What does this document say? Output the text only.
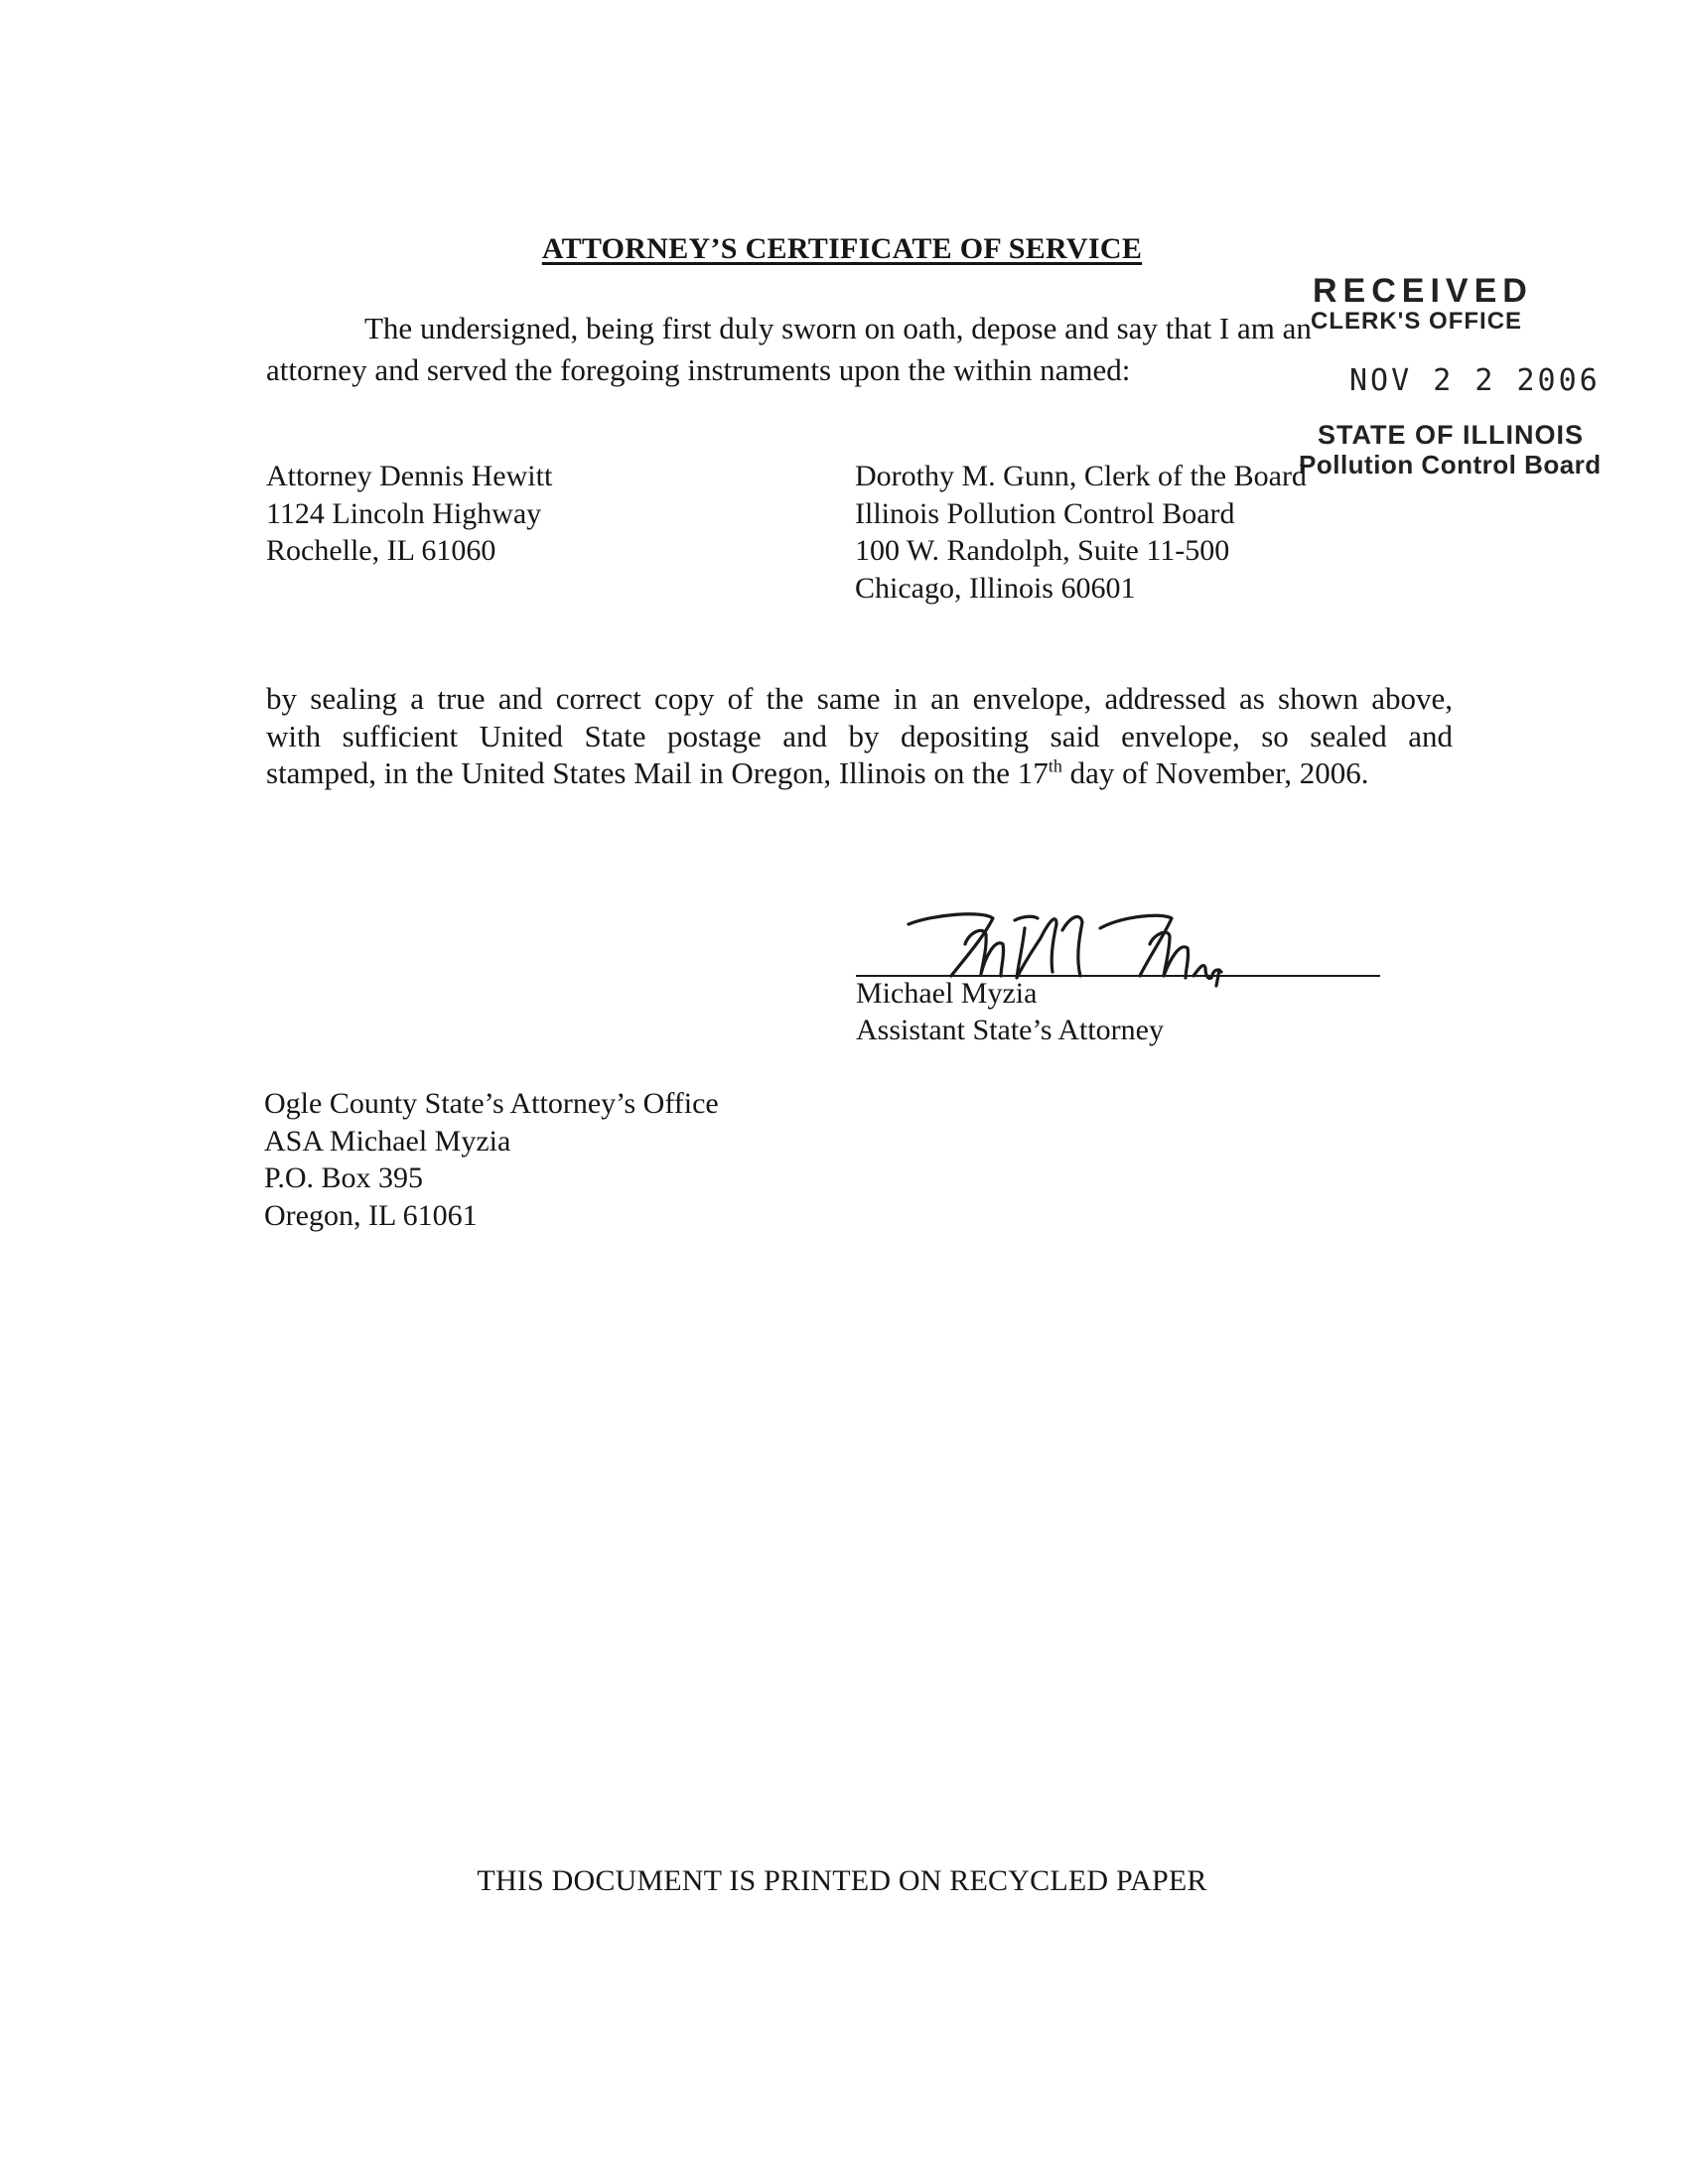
ATTORNEY’S CERTIFICATE OF SERVICE
The undersigned, being first duly sworn on oath, depose and say that I am an
attorney and served the foregoing instruments upon the within named:
RECEIVED
CLERK'S OFFICE
NOV 2 2 2006
STATE OF ILLINOIS
Pollution Control Board
Attorney Dennis Hewitt
1124 Lincoln Highway
Rochelle, IL 61060
Dorothy M. Gunn, Clerk of the Board
Illinois Pollution Control Board
100 W. Randolph, Suite 11-500
Chicago, Illinois 60601
by sealing a true and correct copy of the same in an envelope, addressed as shown above,
with sufficient United State postage and by depositing said envelope, so sealed and
stamped, in the United States Mail in Oregon, Illinois on the 17th day of November, 2006.
Michael Myzia
Assistant State’s Attorney
Ogle County State’s Attorney’s Office
ASA Michael Myzia
P.O. Box 395
Oregon, IL 61061
THIS DOCUMENT IS PRINTED ON RECYCLED PAPER
